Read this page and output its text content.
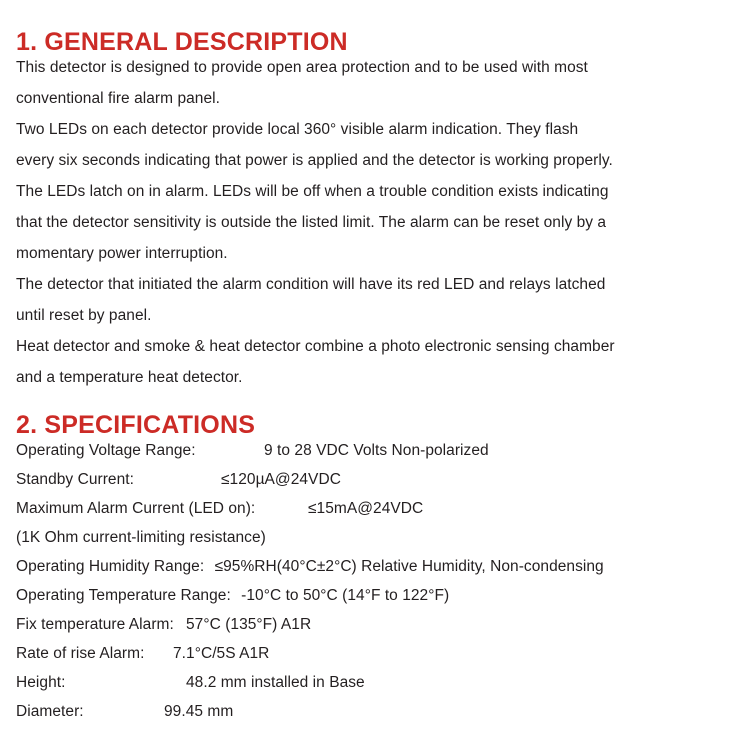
1. GENERAL DESCRIPTION
This detector is designed to provide open area protection and to be used with most
conventional fire alarm panel.
Two LEDs on each detector provide local 360° visible alarm indication. They flash
every six seconds indicating that power is applied and the detector is working properly.
The LEDs latch on in alarm. LEDs will be off when a trouble condition exists indicating
that the detector sensitivity is outside the listed limit. The alarm can be reset only by a
momentary power interruption.
The detector that initiated the alarm condition will have its red LED and relays latched
until reset by panel.
Heat detector and smoke & heat detector combine a photo electronic sensing chamber
and a temperature heat detector.
2. SPECIFICATIONS
Operating Voltage Range:	9 to 28 VDC Volts Non-polarized
Standby Current:	≤120µA@24VDC
Maximum Alarm Current (LED on):	≤15mA@24VDC
(1K Ohm current-limiting resistance)
Operating Humidity Range: ≤95%RH(40°C±2°C) Relative Humidity, Non-condensing
Operating Temperature Range: -10°C to 50°C (14°F to 122°F)
Fix temperature Alarm: 57°C (135°F) A1R
Rate of rise Alarm: 7.1°C/5S A1R
Height:	48.2 mm installed in Base
Diameter:	99.45 mm
